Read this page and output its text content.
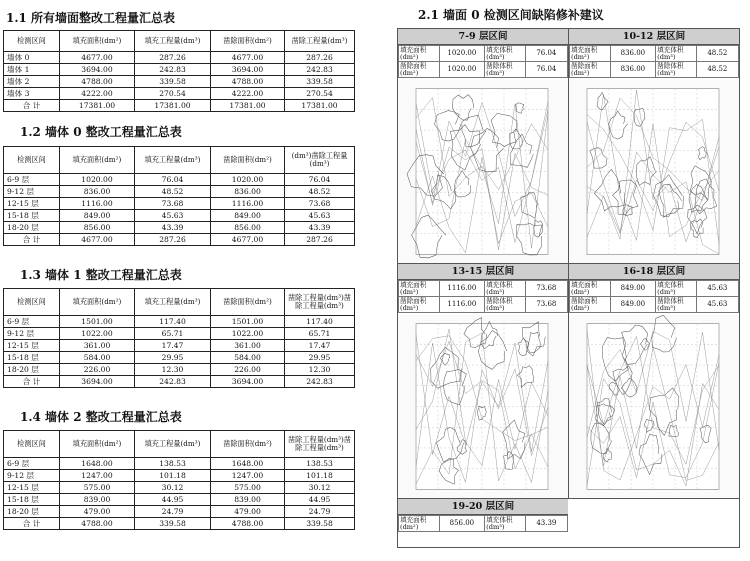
1.1 所有墙面整改工程量汇总表
检测区间	填充面积(dm²)	填充工程量(dm³)	凿除面积(dm²)	凿除工程量(dm³)
墙体 0	4677.00	287.26	4677.00	287.26
墙体 1	3694.00	242.83	3694.00	242.83
墙体 2	4788.00	339.58	4788.00	339.58
墙体 3	4222.00	270.54	4222.00	270.54
合 计	17381.00	17381.00	17381.00	17381.00
1.2 墙体 0 整改工程量汇总表
检测区间	填充面积(dm²)	填充工程量(dm³)	凿除面积(dm²)	(dm³)凿除工程量(dm³)
6-9 层	1020.00	76.04	1020.00	76.04
9-12 层	836.00	48.52	836.00	48.52
12-15 层	1116.00	73.68	1116.00	73.68
15-18 层	849.00	45.63	849.00	45.63
18-20 层	856.00	43.39	856.00	43.39
合 计	4677.00	287.26	4677.00	287.26
1.3 墙体 1 整改工程量汇总表
检测区间	填充面积(dm²)	填充工程量(dm³)	凿除面积(dm²)	凿除工程量(dm³)凿除工程量(dm³)
6-9 层	1501.00	117.40	1501.00	117.40
9-12 层	1022.00	65.71	1022.00	65.71
12-15 层	361.00	17.47	361.00	17.47
15-18 层	584.00	29.95	584.00	29.95
18-20 层	226.00	12.30	226.00	12.30
合 计	3694.00	242.83	3694.00	242.83
1.4 墙体 2 整改工程量汇总表
检测区间	填充面积(dm²)	填充工程量(dm³)	凿除面积(dm²)	凿除工程量(dm³)凿除工程量(dm³)
6-9 层	1648.00	138.53	1648.00	138.53
9-12 层	1247.00	101.18	1247.00	101.18
12-15 层	575.00	30.12	575.00	30.12
15-18 层	839.00	44.95	839.00	44.95
18-20 层	479.00	24.79	479.00	24.79
合 计	4788.00	339.58	4788.00	339.58
2.1 墙面 0 检测区间缺陷修补建议
7-9 层区间
填充面积(dm²)	1020.00	填充体积(dm³)	76.04
凿除面积(dm²)	1020.00	凿除体积(dm³)	76.04
10-12 层区间
填充面积(dm²)	836.00	填充体积(dm³)	48.52
凿除面积(dm²)	836.00	凿除体积(dm³)	48.52
13-15 层区间
填充面积(dm²)	1116.00	填充体积(dm³)	73.68
凿除面积(dm²)	1116.00	凿除体积(dm³)	73.68
16-18 层区间
填充面积(dm²)	849.00	填充体积(dm³)	45.63
凿除面积(dm²)	849.00	凿除体积(dm³)	45.63
19-20 层区间
填充面积(dm²)	856.00	填充体积(dm³)	43.39
